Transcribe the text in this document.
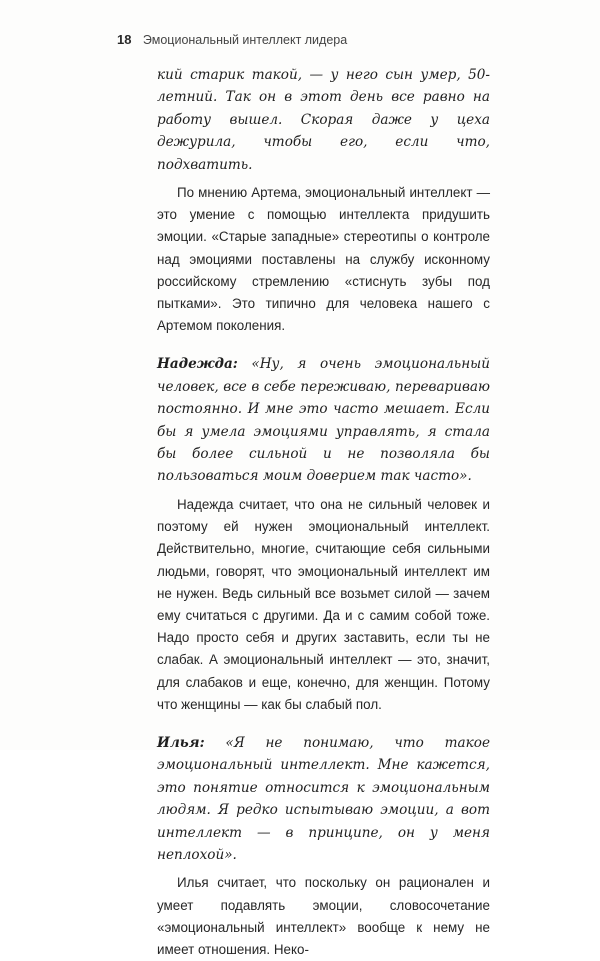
18 Эмоциональный интеллект лидера

кий старик такой, — у него сын умер, 50-летний. Так он в этот день все равно на работу вышел. Скорая даже у цеха дежурила, чтобы его, если что, подхватить.

По мнению Артема, эмоциональный интеллект — это умение с помощью интеллекта придушить эмоции. «Старые западные» стереотипы о контроле над эмоциями поставлены на службу исконному российскому стремлению «стиснуть зубы под пытками». Это типично для человека нашего с Артемом поколения.

Надежда: «Ну, я очень эмоциональный человек, все в себе переживаю, перевариваю постоянно. И мне это часто мешает. Если бы я умела эмоциями управлять, я стала бы более сильной и не позволяла бы пользоваться моим доверием так часто».

Надежда считает, что она не сильный человек и поэтому ей нужен эмоциональный интеллект. Действительно, многие, считающие себя сильными людьми, говорят, что эмоциональный интеллект им не нужен. Ведь сильный все возьмет силой — зачем ему считаться с другими. Да и с самим собой тоже. Надо просто себя и других заставить, если ты не слабак. А эмоциональный интеллект — это, значит, для слабаков и еще, конечно, для женщин. Потому что женщины — как бы слабый пол.

Илья: «Я не понимаю, что такое эмоциональный интеллект. Мне кажется, это понятие относится к эмоциональным людям. Я редко испытываю эмоции, а вот интеллект — в принципе, он у меня неплохой».

Илья считает, что поскольку он рационален и умеет подавлять эмоции, словосочетание «эмоциональный интеллект» вообще к нему не имеет отношения. Неко-
